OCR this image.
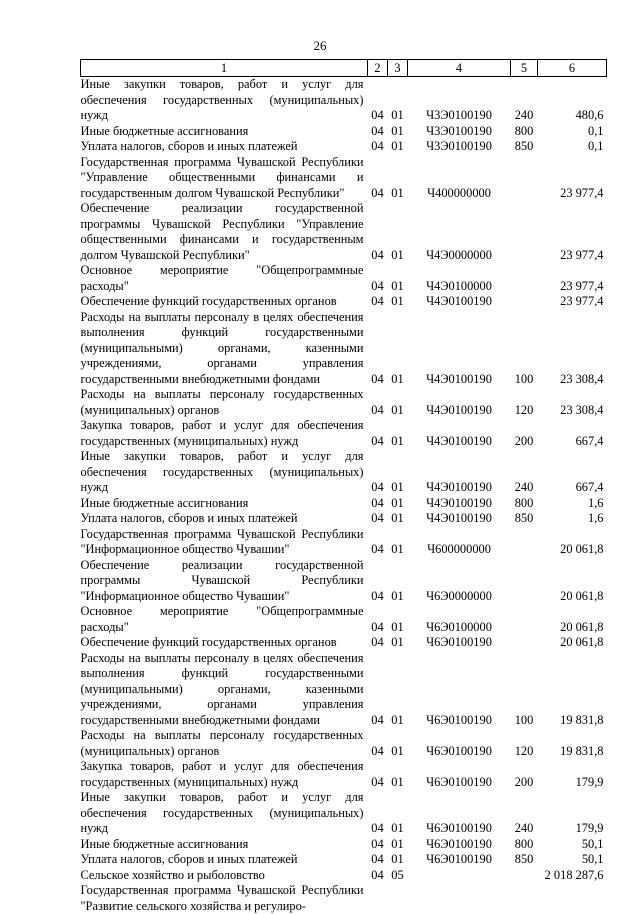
26
1	2	3	4	5	6
Иные закупки товаров, работ и услуг для обеспечения государственных (муниципальных) нужд	04	01	Ч3Э0100190	240	480,6
Иные бюджетные ассигнования	04	01	Ч3Э0100190	800	0,1
Уплата налогов, сборов и иных платежей	04	01	Ч3Э0100190	850	0,1
Государственная программа Чувашской Республики "Управление общественными финансами и государственным долгом Чувашской Республики"	04	01	Ч400000000		23 977,4
Обеспечение реализации государственной программы Чувашской Республики "Управление общественными финансами и государственным долгом Чувашской Республики"	04	01	Ч4Э0000000		23 977,4
Основное мероприятие "Общепрограммные расходы"	04	01	Ч4Э0100000		23 977,4
Обеспечение функций государственных органов	04	01	Ч4Э0100190		23 977,4
Расходы на выплаты персоналу в целях обеспечения выполнения функций государственными (муниципальными) органами, казенными учреждениями, органами управления государственными внебюджетными фондами	04	01	Ч4Э0100190	100	23 308,4
Расходы на выплаты персоналу государственных (муниципальных) органов	04	01	Ч4Э0100190	120	23 308,4
Закупка товаров, работ и услуг для обеспечения государственных (муниципальных) нужд	04	01	Ч4Э0100190	200	667,4
Иные закупки товаров, работ и услуг для обеспечения государственных (муниципальных) нужд	04	01	Ч4Э0100190	240	667,4
Иные бюджетные ассигнования	04	01	Ч4Э0100190	800	1,6
Уплата налогов, сборов и иных платежей	04	01	Ч4Э0100190	850	1,6
Государственная программа Чувашской Республики "Информационное общество Чувашии"	04	01	Ч600000000		20 061,8
Обеспечение реализации государственной программы Чувашской Республики "Информационное общество Чувашии"	04	01	Ч6Э0000000		20 061,8
Основное мероприятие "Общепрограммные расходы"	04	01	Ч6Э0100000		20 061,8
Обеспечение функций государственных органов	04	01	Ч6Э0100190		20 061,8
Расходы на выплаты персоналу в целях обеспечения выполнения функций государственными (муниципальными) органами, казенными учреждениями, органами управления государственными внебюджетными фондами	04	01	Ч6Э0100190	100	19 831,8
Расходы на выплаты персоналу государственных (муниципальных) органов	04	01	Ч6Э0100190	120	19 831,8
Закупка товаров, работ и услуг для обеспечения государственных (муниципальных) нужд	04	01	Ч6Э0100190	200	179,9
Иные закупки товаров, работ и услуг для обеспечения государственных (муниципальных) нужд	04	01	Ч6Э0100190	240	179,9
Иные бюджетные ассигнования	04	01	Ч6Э0100190	800	50,1
Уплата налогов, сборов и иных платежей	04	01	Ч6Э0100190	850	50,1
Сельское хозяйство и рыболовство	04	05			2 018 287,6
Государственная программа Чувашской Республики "Развитие сельского хозяйства и регулиро-					
